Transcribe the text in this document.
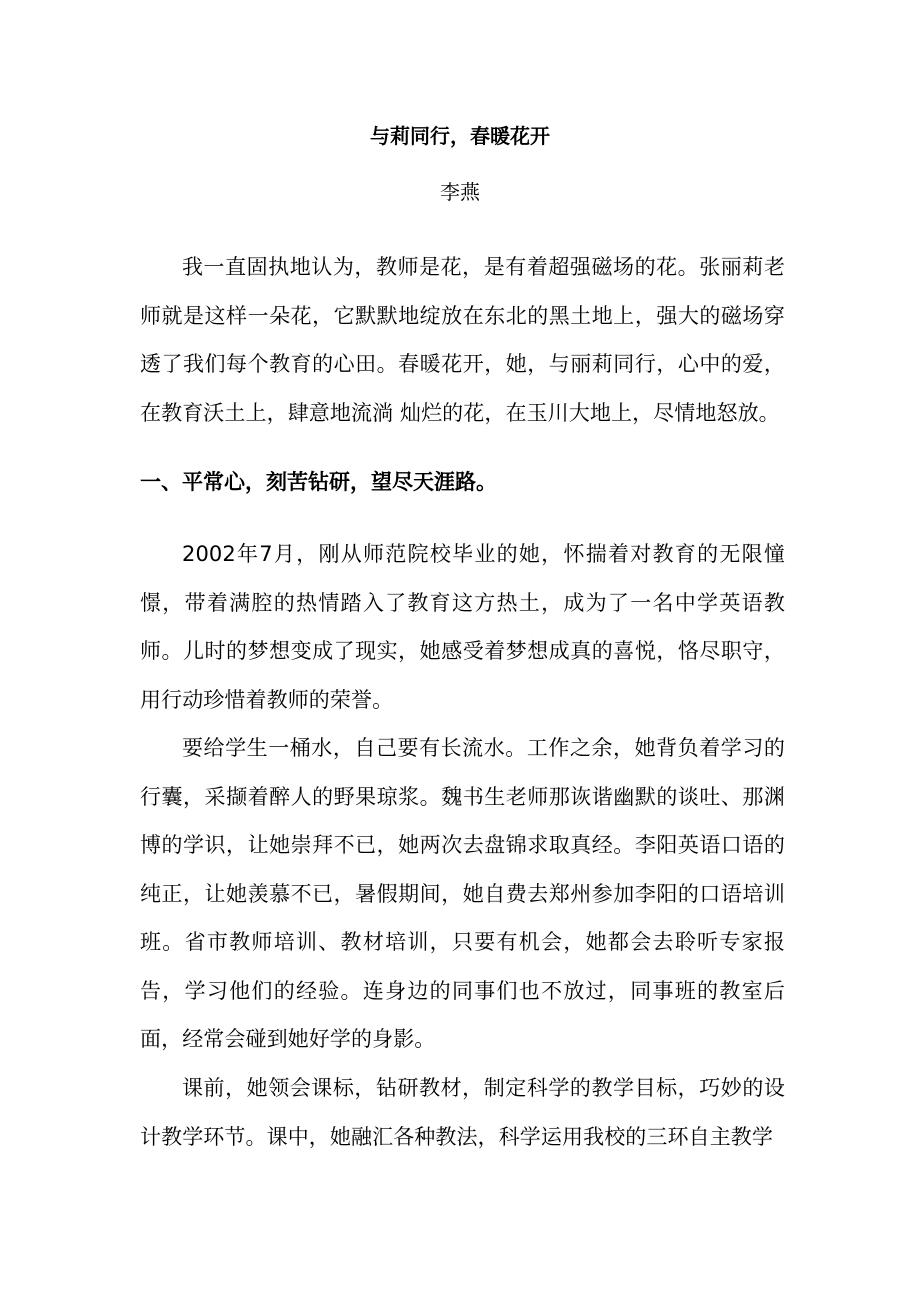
与莉同行，春暖花开
李燕

我一直固执地认为，教师是花，是有着超强磁场的花。张丽莉老师就是这样一朵花，它默默地绽放在东北的黑土地上，强大的磁场穿透了我们每个教育的心田。春暖花开，她，与丽莉同行，心中的爱，在教育沃土上，肆意地流淌 灿烂的花，在玉川大地上，尽情地怒放。

一、平常心，刻苦钻研，望尽天涯路。

2002年7月，刚从师范院校毕业的她，怀揣着对教育的无限憧憬，带着满腔的热情踏入了教育这方热土，成为了一名中学英语教师。儿时的梦想变成了现实，她感受着梦想成真的喜悦，恪尽职守，用行动珍惜着教师的荣誉。

要给学生一桶水，自己要有长流水。工作之余，她背负着学习的行囊，采撷着醉人的野果琼浆。魏书生老师那诙谐幽默的谈吐、那渊博的学识，让她崇拜不已，她两次去盘锦求取真经。李阳英语口语的纯正，让她羡慕不已，暑假期间，她自费去郑州参加李阳的口语培训班。省市教师培训、教材培训，只要有机会，她都会去聆听专家报告，学习他们的经验。连身边的同事们也不放过，同事班的教室后面，经常会碰到她好学的身影。

课前，她领会课标，钻研教材，制定科学的教学目标，巧妙的设计教学环节。课中，她融汇各种教法，科学运用我校的三环自主教学
